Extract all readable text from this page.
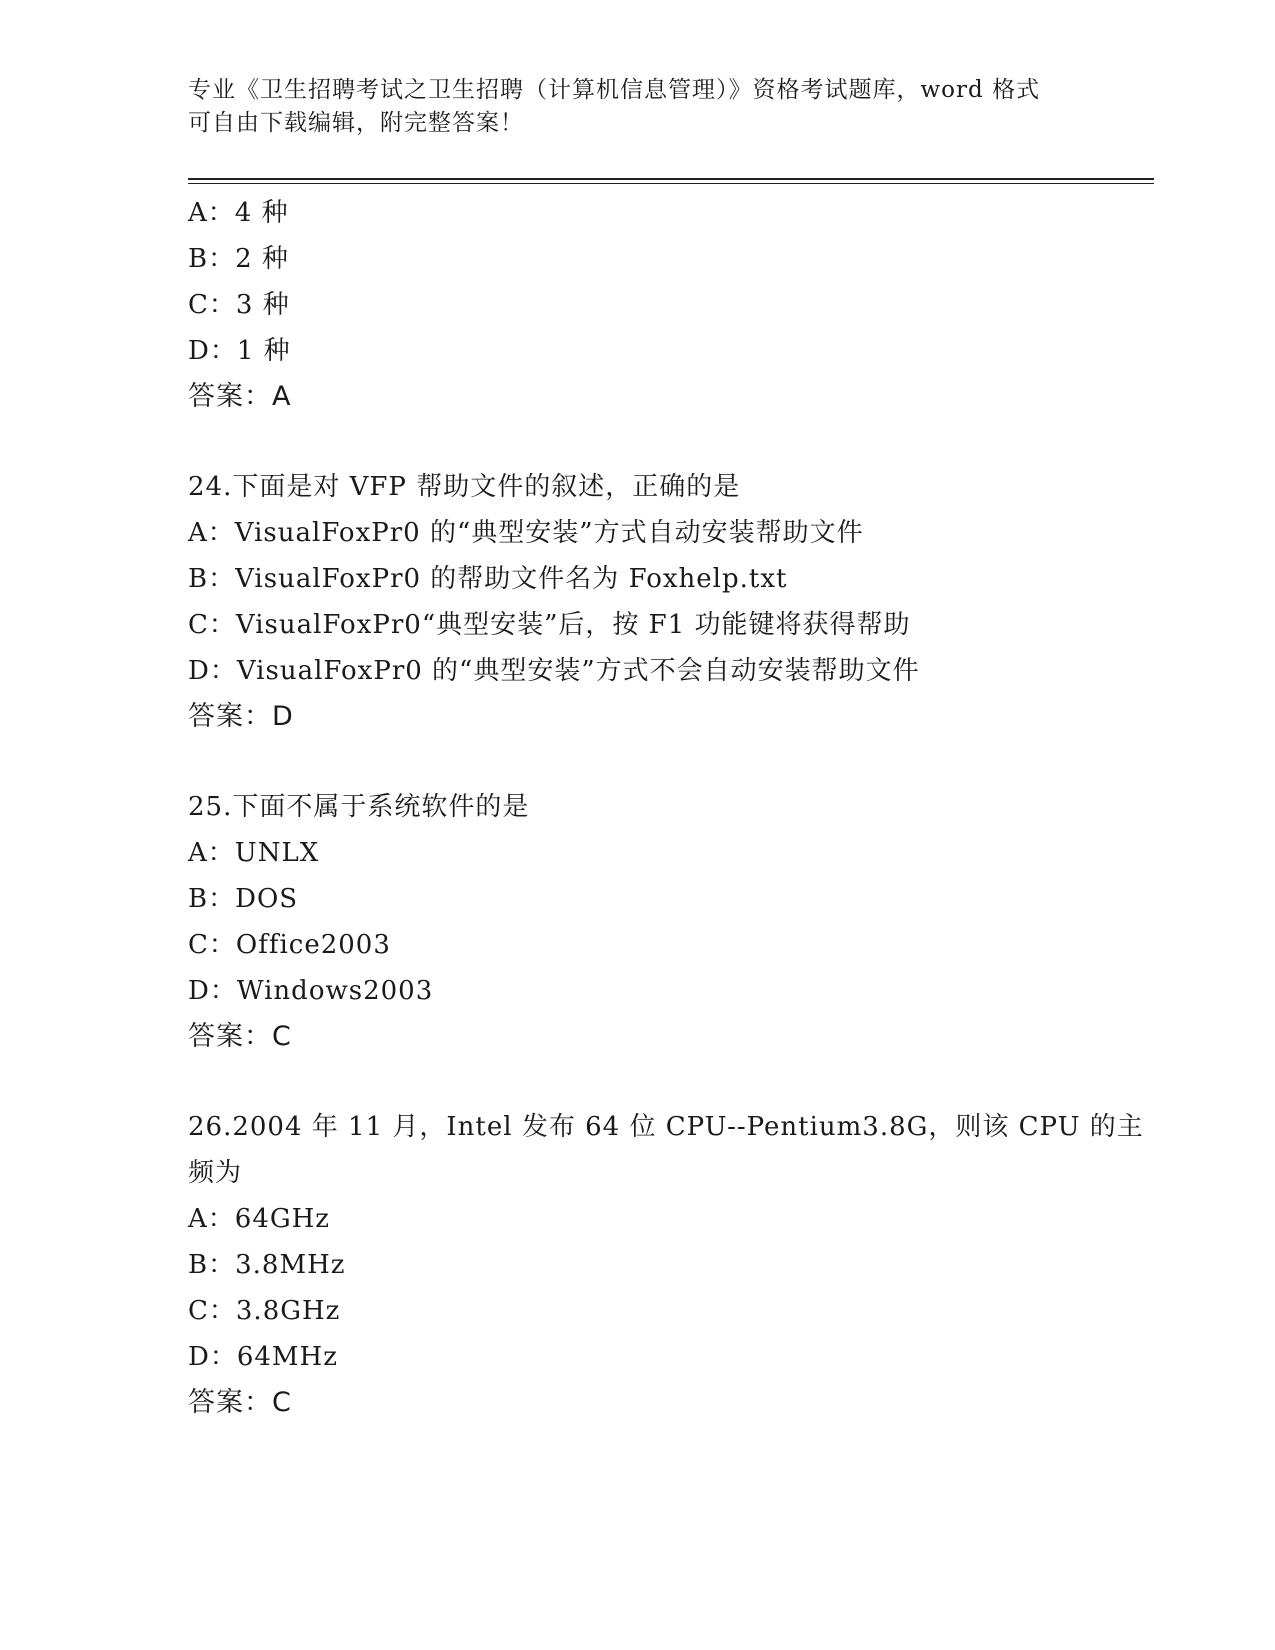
专业《卫生招聘考试之卫生招聘（计算机信息管理）》资格考试题库，word 格式
可自由下载编辑，附完整答案！
A：4 种
B：2 种
C：3 种
D：1 种
答案：A
24.下面是对 VFP 帮助文件的叙述，正确的是
A：VisualFoxPr0 的“典型安装”方式自动安装帮助文件
B：VisualFoxPr0 的帮助文件名为 Foxhelp.txt
C：VisualFoxPr0“典型安装”后，按 F1 功能键将获得帮助
D：VisualFoxPr0 的“典型安装”方式不会自动安装帮助文件
答案：D
25.下面不属于系统软件的是
A：UNLX
B：DOS
C：Office2003
D：Windows2003
答案：C
26.2004 年 11 月，Intel 发布 64 位 CPU--Pentium3.8G，则该 CPU 的主
频为
A：64GHz
B：3.8MHz
C：3.8GHz
D：64MHz
答案：C
